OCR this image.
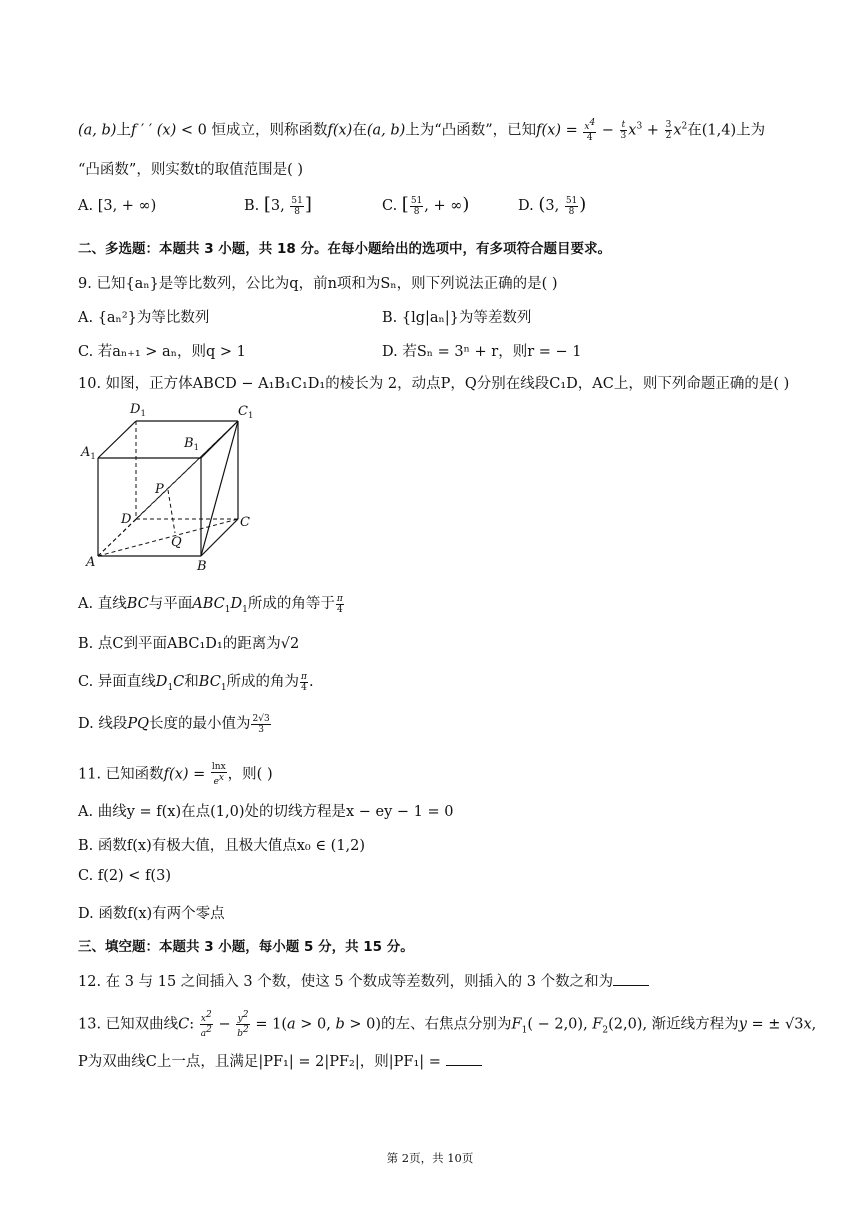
(a, b)上f ′ ′ (x) < 0 恒成立，则称函数f(x)在(a, b)上为“凸函数”，已知$f(x) = \frac{x^4}{4} - \frac{t}{3} x^3 + \frac{3}{2} x^2$在(1,4)上为
“凸函数”，则实数t的取值范围是( )
A. [3, + ∞)	B. [3, $\frac{51}{8}$ ]	C. [ $\frac{51}{8}$ , + ∞)	D. (3, $\frac{51}{8}$ )
二、多选题：本题共 3 小题，共 18 分。在每小题给出的选项中，有多项符合题目要求。
9. 已知{aₙ}是等比数列，公比为q，前n项和为Sₙ，则下列说法正确的是( )
A. {aₙ²}为等比数列	B. {lg|aₙ|}为等差数列
C. 若aₙ₊₁ > aₙ，则q > 1	D. 若Sₙ = 3ⁿ + r，则r = − 1
10. 如图，正方体ABCD − A₁B₁C₁D₁的棱长为 2，动点P，Q分别在线段C₁D，AC上，则下列命题正确的是( )
$D_1$	$C_1$
$A_1$
$B_1$
P
D	C
Q
A	B
A. 直线BC与平面$ABC_1D_1$所成的角等于 $\frac{\pi}{4}$
B. 点C到平面ABC₁D₁的距离为√2
C. 异面直线$D_1C$和$BC_1$所成的角为 $\frac{\pi}{4}$ .
D. 线段PQ长度的最小值为 $\frac{2√3}{3}$
11. 已知函数$f(x) = \frac{\ln x}{e^x}$ ，则( )
A. 曲线y = f(x)在点(1,0)处的切线方程是x − ey − 1 = 0
B. 函数f(x)有极大值，且极大值点x₀ ∈ (1,2)
C. f(2) < f(3)
D. 函数f(x)有两个零点
三、填空题：本题共 3 小题，每小题 5 分，共 15 分。
12. 在 3 与 15 之间插入 3 个数，使这 5 个数成等差数列，则插入的 3 个数之和为
13. 已知双曲线C: $\frac{x^2}{a^2} - \frac{y^2}{b^2} = 1(a > 0$, b > 0)的左、右焦点分别为$F_1( - 2,0)$, $F_2(2,0)$, 渐近线方程为y = ± √3x,
P为双曲线C上一点，且满足|PF₁| = 2|PF₂|，则|PF₁| =
第 2页，共 10页
